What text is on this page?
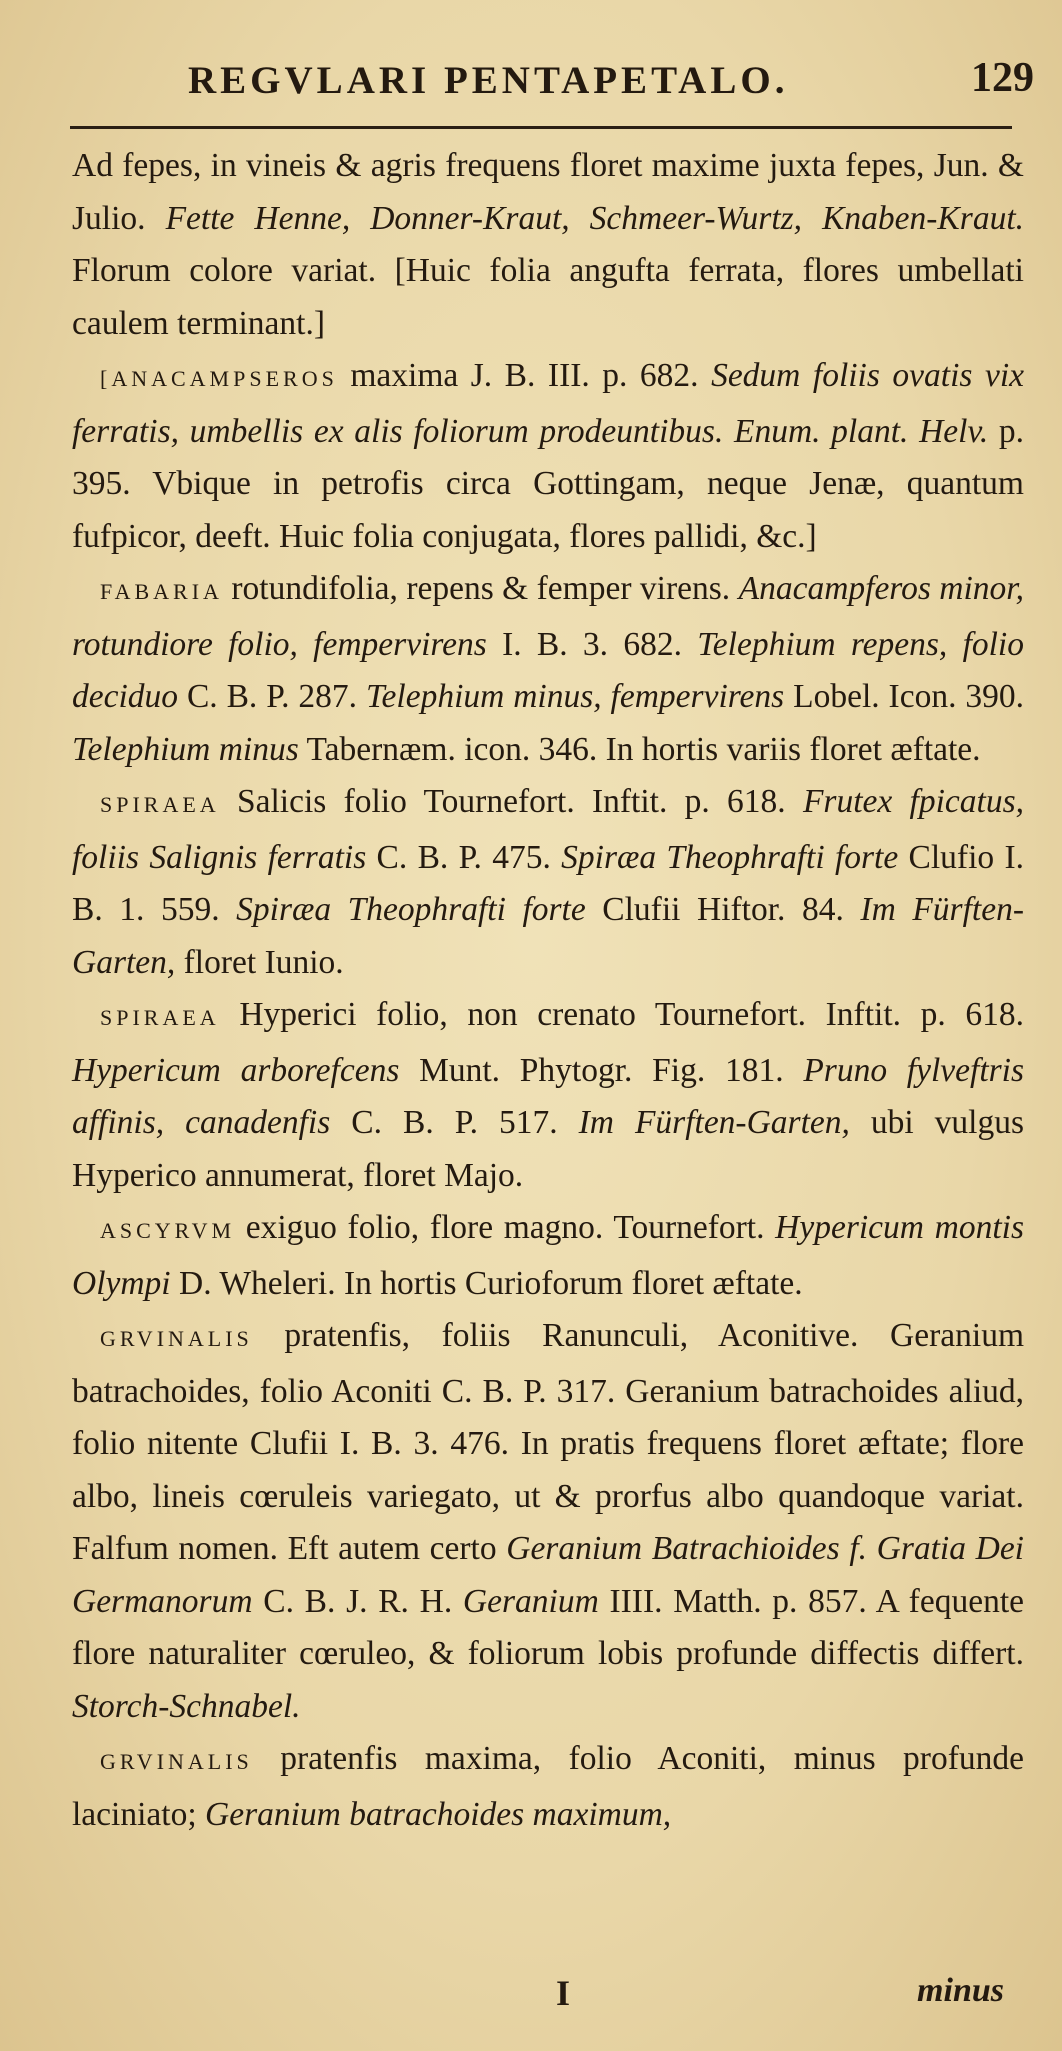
REGVLARI PENTAPETALO.	129

Ad fepes, in vineis & agris frequens floret maxime juxta fepes, Jun. & Julio. Fette Henne, Donner-Kraut, Schmeer-Wurtz, Knaben-Kraut. Florum colore variat. [Huic folia angufta ferrata, flores umbellati caulem terminant.]

[ANACAMPSEROS maxima J. B. III. p. 682. Sedum foliis ovatis vix ferratis, umbellis ex alis foliorum prodeuntibus. Enum. plant. Helv. p. 395. Vbique in petrofis circa Gottingam, neque Jenæ, quantum fufpicor, deeft. Huic folia conjugata, flores pallidi, &c.]

FABARIA rotundifolia, repens & femper virens. Anacampferos minor, rotundiore folio, fempervirens I. B. 3. 682. Telephium repens, folio deciduo C. B. P. 287. Telephium minus, fempervirens Lobel. Icon. 390. Telephium minus Tabernæm. icon. 346. In hortis variis floret æftate.

SPIRAEA Salicis folio Tournefort. Inftit. p. 618. Frutex fpicatus, foliis Salignis ferratis C. B. P. 475. Spiræa Theophrafti forte Clufio I. B. 1. 559. Spiræa Theophrafti forte Clufii Hiftor. 84. Im Fürften-Garten, floret Iunio.

SPIRAEA Hyperici folio, non crenato Tournefort. Inftit. p. 618. Hypericum arborefcens Munt. Phytogr. Fig. 181. Pruno fylveftris affinis, canadenfis C. B. P. 517. Im Fürften-Garten, ubi vulgus Hyperico annumerat, floret Majo.

ASCYRVM exiguo folio, flore magno. Tournefort. Hypericum montis Olympi D. Wheleri. In hortis Curioforum floret æftate.

GRVINALIS pratenfis, foliis Ranunculi, Aconitive. Geranium batrachoides, folio Aconiti C. B. P. 317. Geranium batrachoides aliud, folio nitente Clufii I. B. 3. 476. In pratis frequens floret æftate; flore albo, lineis cœruleis variegato, ut & prorfus albo quandoque variat. Falfum nomen. Eft autem certo Geranium Batrachioides f. Gratia Dei Germanorum C. B. J. R. H. Geranium IIII. Matth. p. 857. A fequente flore naturaliter cœruleo, & foliorum lobis profunde diffectis differt. Storch-Schnabel.

GRVINALIS pratenfis maxima, folio Aconiti, minus profunde laciniato; Geranium batrachoides maximum,

I	minus
